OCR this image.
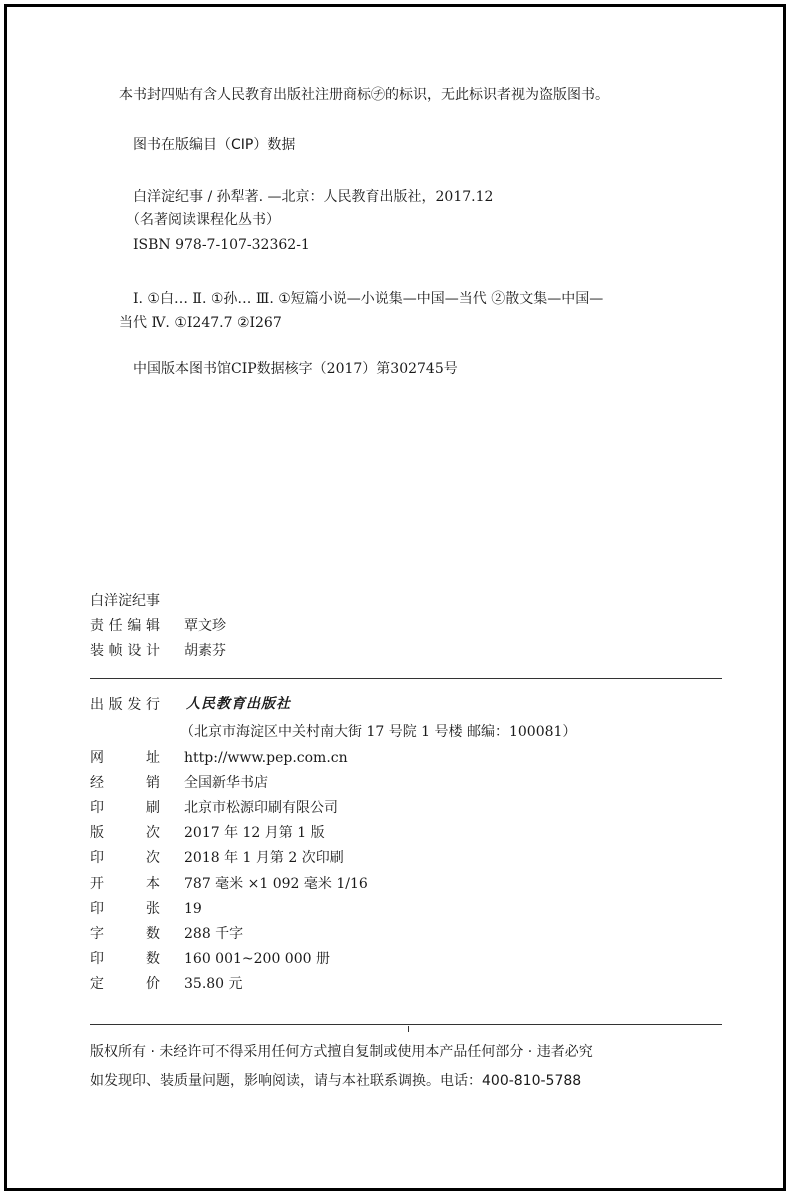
本书封四贴有含人民教育出版社注册商标㋠的标识，无此标识者视为盗版图书。
图书在版编目（CIP）数据
白洋淀纪事 / 孙犁著. —北京：人民教育出版社，2017.12
（名著阅读课程化丛书）
ISBN 978-7-107-32362-1
Ⅰ. ①白… Ⅱ. ①孙… Ⅲ. ①短篇小说—小说集—中国—当代 ②散文集—中国—
当代 Ⅳ. ①I247.7 ②I267
中国版本图书馆CIP数据核字（2017）第302745号
白洋淀纪事
责任编辑 覃文珍
装帧设计 胡素芬
出版发行 人民教育出版社
（北京市海淀区中关村南大街 17 号院 1 号楼 邮编：100081）
网 址 http://www.pep.com.cn
经 销 全国新华书店
印 刷 北京市松源印刷有限公司
版 次 2017 年 12 月第 1 版
印 次 2018 年 1 月第 2 次印刷
开 本 787 毫米 ×1 092 毫米 1/16
印 张 19
字 数 288 千字
印 数 160 001~200 000 册
定 价 35.80 元
版权所有 · 未经许可不得采用任何方式擅自复制或使用本产品任何部分 · 违者必究
如发现印、装质量问题，影响阅读，请与本社联系调换。电话：400-810-5788
